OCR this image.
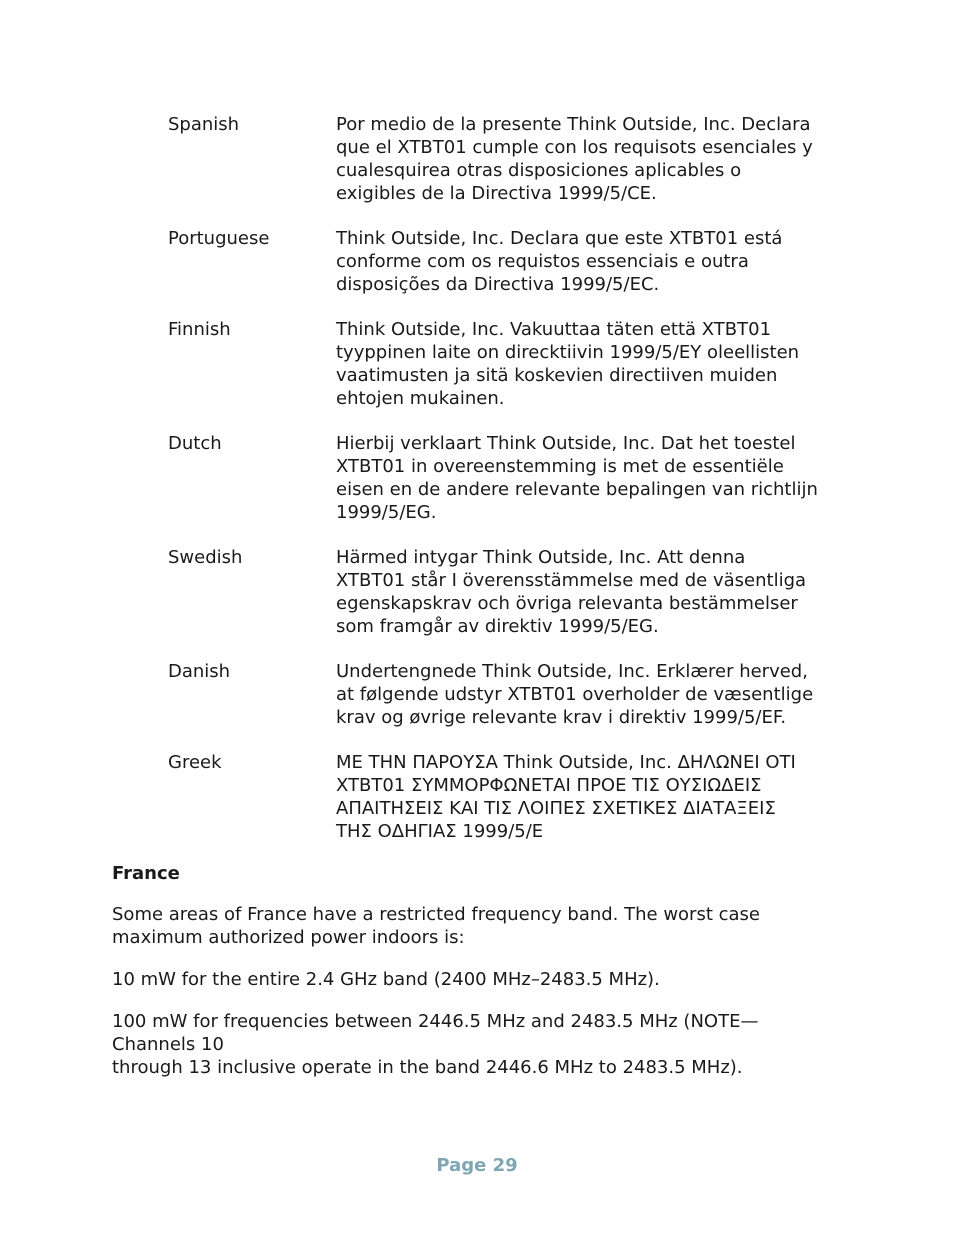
Spanish	Por medio de la presente Think Outside, Inc. Declara
que el XTBT01 cumple con los requisots esenciales y
cualesquirea otras disposiciones aplicables o
exigibles de la Directiva 1999/5/CE.
Portuguese	Think Outside, Inc. Declara que este XTBT01 está
conforme com os requistos essenciais e outra
disposições da Directiva 1999/5/EC.
Finnish	Think Outside, Inc. Vakuuttaa täten että XTBT01
tyyppinen laite on direcktiivin 1999/5/EY oleellisten
vaatimusten ja sitä koskevien directiiven muiden
ehtojen mukainen.
Dutch	Hierbij verklaart Think Outside, Inc. Dat het toestel
XTBT01 in overeenstemming is met de essentiële
eisen en de andere relevante bepalingen van richtlijn
1999/5/EG.
Swedish	Härmed intygar Think Outside, Inc. Att denna
XTBT01 står I överensstämmelse med de väsentliga
egenskapskrav och övriga relevanta bestämmelser
som framgår av direktiv 1999/5/EG.
Danish	Undertengnede Think Outside, Inc. Erklærer herved,
at følgende udstyr XTBT01 overholder de væsentlige
krav og øvrige relevante krav i direktiv 1999/5/EF.
Greek	ΜΕ ΤΗΝ ΠΑΡΟΥΣΑ Think Outside, Inc. ΔΗΛΩΝΕΙ ΟΤΙ
XTBT01 ΣΥΜΜΟΡΦΩΝΕΤΑΙ ΠΡΟΕ ΤΙΣ ΟΥΣΙΩΔΕΙΣ
ΑΠΑΙΤΗΣΕΙΣ ΚΑΙ ΤΙΣ ΛΟΙΠΕΣ ΣΧΕΤΙΚΕΣ ΔΙΑΤΑΞΕΙΣ
ΤΗΣ ΟΔΗΓΙΑΣ 1999/5/Ε
France

Some areas of France have a restricted frequency band. The worst case
maximum authorized power indoors is:

10 mW for the entire 2.4 GHz band (2400 MHz–2483.5 MHz).

100 mW for frequencies between 2446.5 MHz and 2483.5 MHz (NOTE—
Channels 10
through 13 inclusive operate in the band 2446.6 MHz to 2483.5 MHz).

Page 29
